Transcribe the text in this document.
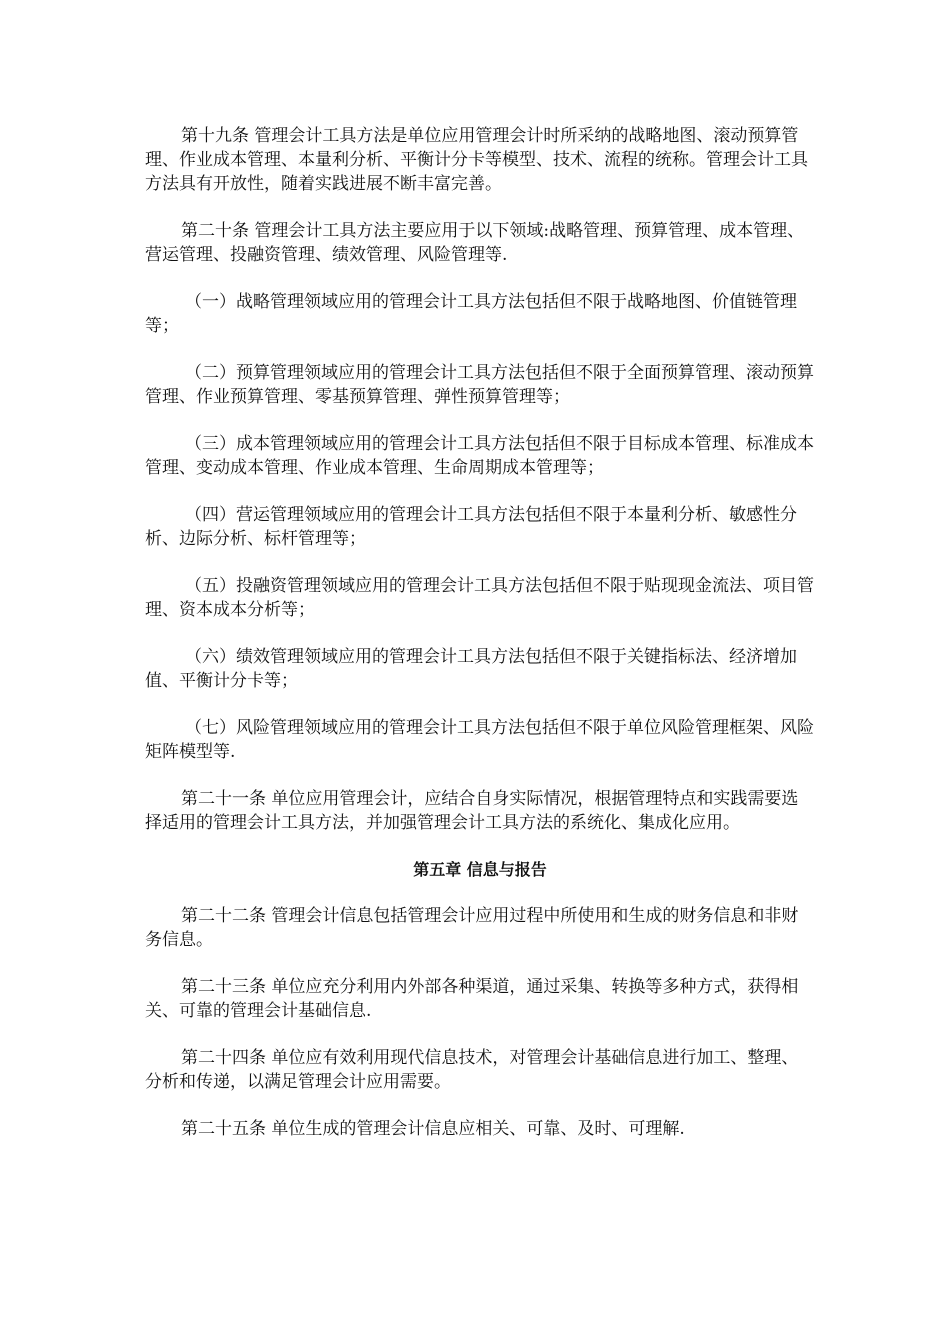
第十九条 管理会计工具方法是单位应用管理会计时所采纳的战略地图、滚动预算管理、作业成本管理、本量利分析、平衡计分卡等模型、技术、流程的统称。管理会计工具方法具有开放性，随着实践进展不断丰富完善。

第二十条 管理会计工具方法主要应用于以下领域:战略管理、预算管理、成本管理、营运管理、投融资管理、绩效管理、风险管理等.

（一）战略管理领域应用的管理会计工具方法包括但不限于战略地图、价值链管理等；

（二）预算管理领域应用的管理会计工具方法包括但不限于全面预算管理、滚动预算管理、作业预算管理、零基预算管理、弹性预算管理等；

（三）成本管理领域应用的管理会计工具方法包括但不限于目标成本管理、标准成本管理、变动成本管理、作业成本管理、生命周期成本管理等；

（四）营运管理领域应用的管理会计工具方法包括但不限于本量利分析、敏感性分析、边际分析、标杆管理等；

（五）投融资管理领域应用的管理会计工具方法包括但不限于贴现现金流法、项目管理、资本成本分析等；

（六）绩效管理领域应用的管理会计工具方法包括但不限于关键指标法、经济增加值、平衡计分卡等；

（七）风险管理领域应用的管理会计工具方法包括但不限于单位风险管理框架、风险矩阵模型等.

第二十一条 单位应用管理会计，应结合自身实际情况，根据管理特点和实践需要选择适用的管理会计工具方法，并加强管理会计工具方法的系统化、集成化应用。

第五章 信息与报告

第二十二条 管理会计信息包括管理会计应用过程中所使用和生成的财务信息和非财务信息。

第二十三条 单位应充分利用内外部各种渠道，通过采集、转换等多种方式，获得相关、可靠的管理会计基础信息.

第二十四条 单位应有效利用现代信息技术，对管理会计基础信息进行加工、整理、分析和传递，以满足管理会计应用需要。

第二十五条 单位生成的管理会计信息应相关、可靠、及时、可理解.
